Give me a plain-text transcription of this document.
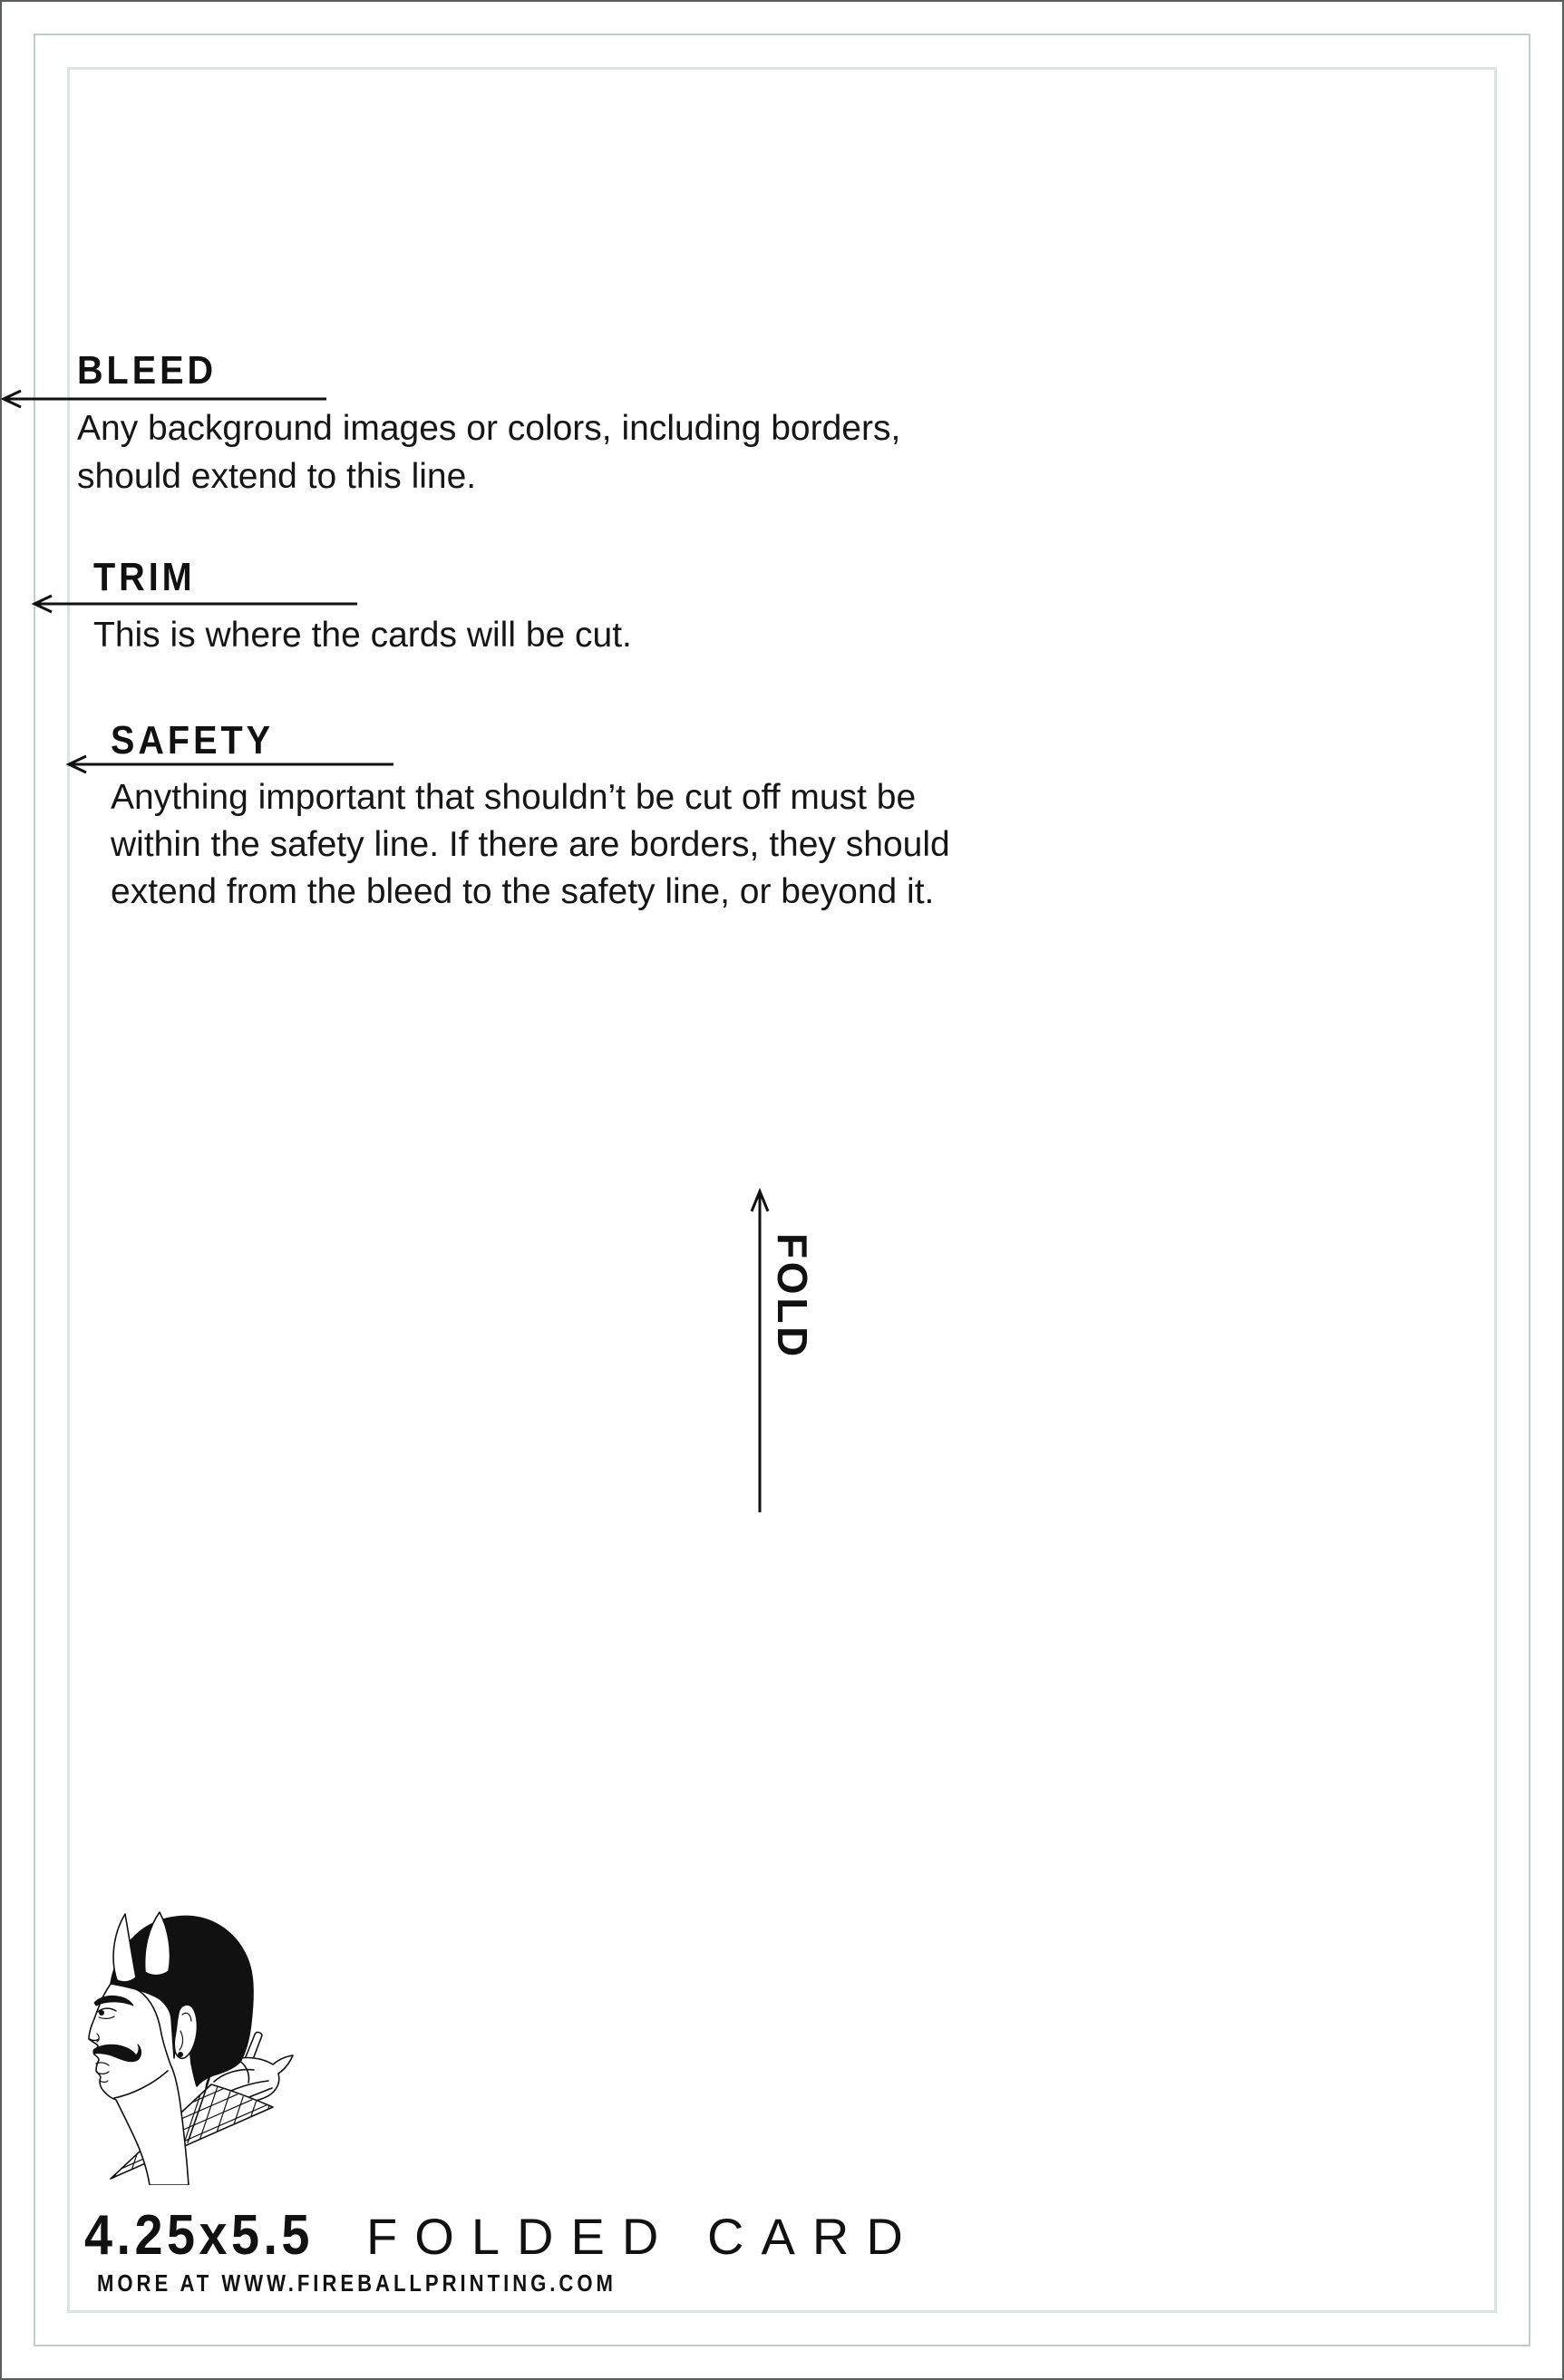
BLEED
Any background images or colors, including borders,
should extend to this line.
TRIM
This is where the cards will be cut.
SAFETY
Anything important that shouldn’t be cut off must be
within the safety line. If there are borders, they should
extend from the bleed to the safety line, or beyond it.
FOLD
4.25x5.5 FOLDED CARD
MORE AT WWW.FIREBALLPRINTING.COM
